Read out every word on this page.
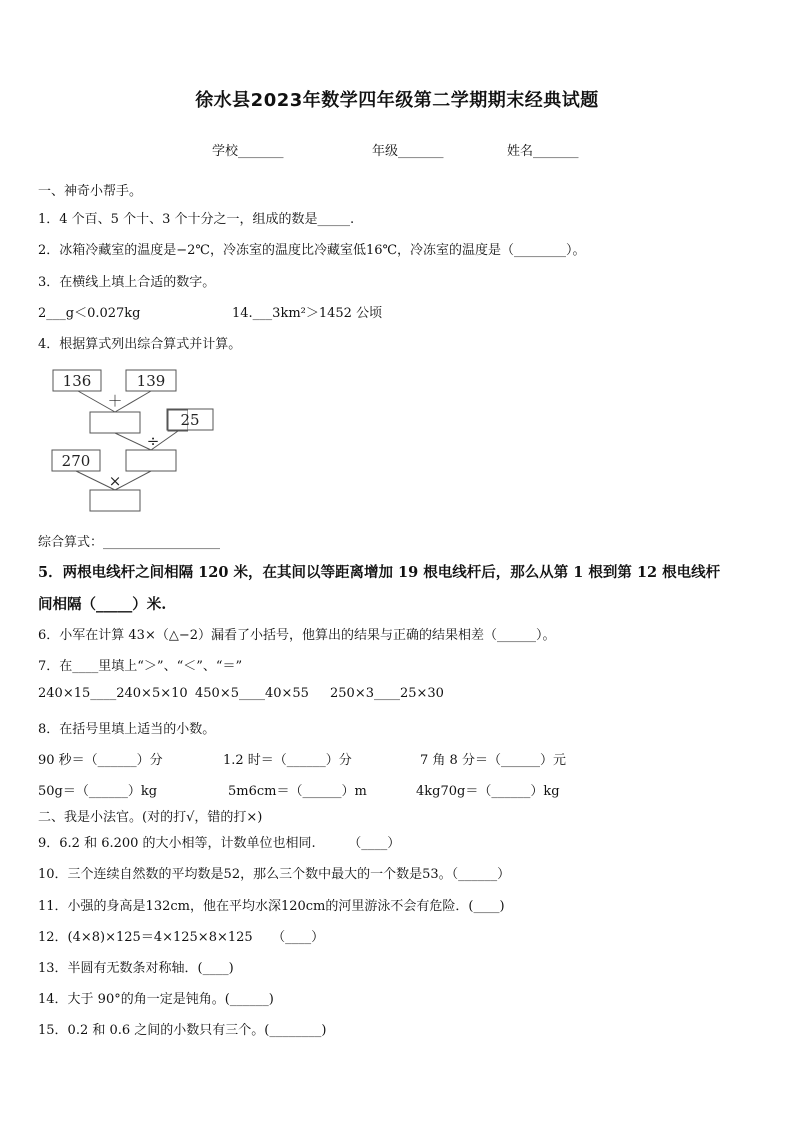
徐水县2023年数学四年级第二学期期末经典试题
学校_______	年级_______	姓名_______
一、神奇小帮手。
1．4 个百、5 个十、3 个十分之一，组成的数是_____.
2．冰箱冷藏室的温度是−2℃，冷冻室的温度比冷藏室低16℃，冷冻室的温度是（________）。
3．在横线上填上合适的数字。
2___g＜0.027kg	14.___3km²＞1452 公顷
4．根据算式列出综合算式并计算。
136	139
270
＋
÷
×
25
综合算式：__________________
5．两根电线杆之间相隔 120 米，在其间以等距离增加 19 根电线杆后，那么从第 1 根到第 12 根电线杆
间相隔（_____）米.
6．小军在计算 43×（△−2）漏看了小括号，他算出的结果与正确的结果相差（______）。
7．在____里填上“＞”、“＜”、“＝”
240×15____240×5×10 450×5____40×55 250×3____25×30
8．在括号里填上适当的小数。
90 秒＝（______）分	1.2 时＝（______）分	7 角 8 分＝（______）元
50g＝（______）kg	5m6cm＝（______）m	4kg70g＝（______）kg
二、我是小法官。(对的打√，错的打×)
9．6.2 和 6.200 的大小相等，计数单位也相同.　　　（____）
10．三个连续自然数的平均数是52，那么三个数中最大的一个数是53。（______）
11．小强的身高是132cm，他在平均水深120cm的河里游泳不会有危险．(____)
12．(4×8)×125＝4×125×8×125　　（____）
13．半圆有无数条对称轴．(____)
14．大于 90°的角一定是钝角。(______)
15．0.2 和 0.6 之间的小数只有三个。(________)
